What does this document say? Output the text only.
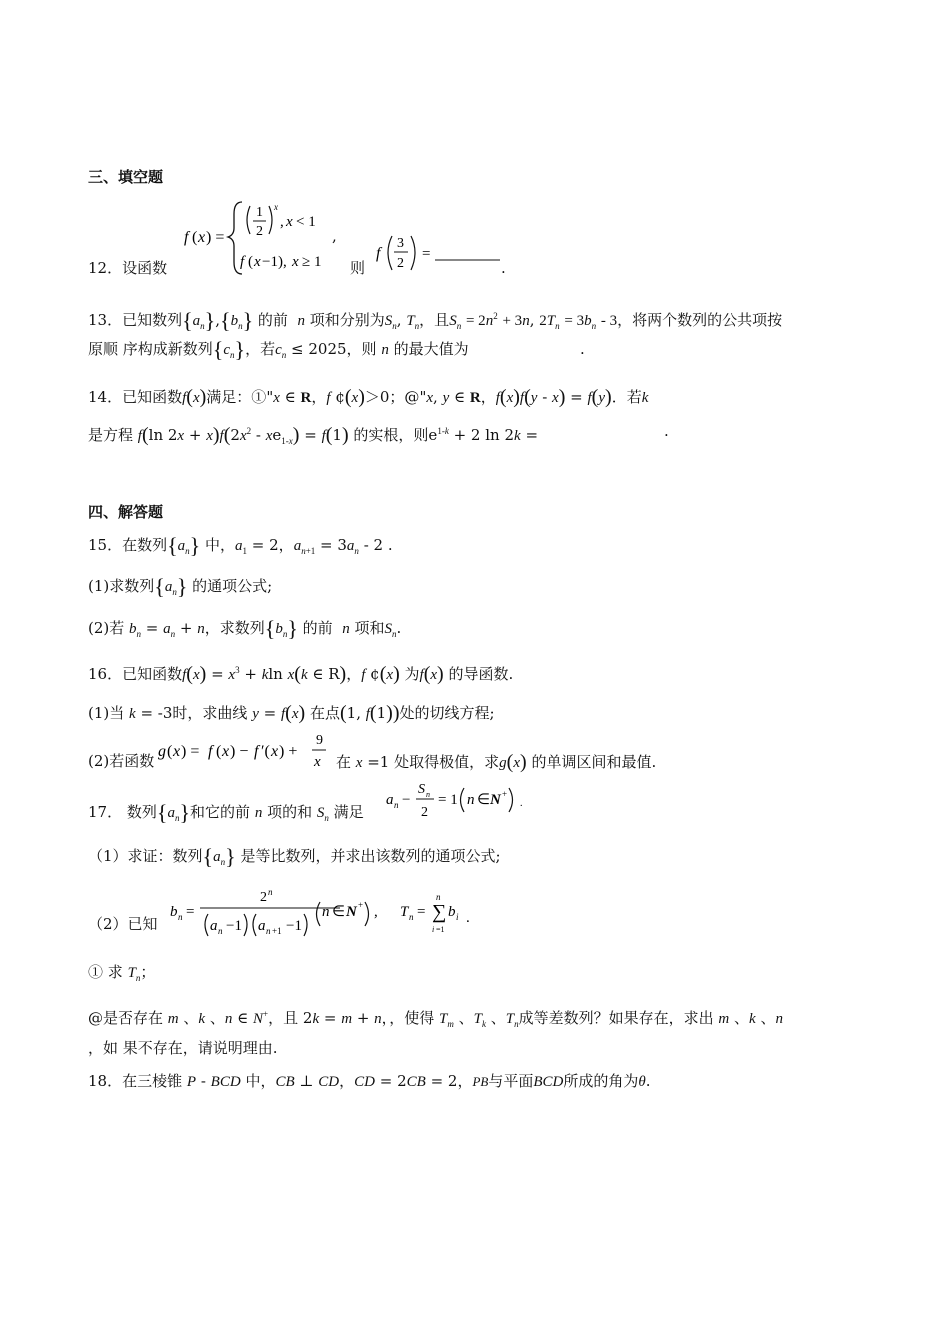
三、填空题
12．设函数
f ( x ) =
1
2
x
, x < 1
f ( x −1), x ≥ 1
,
则
f
3
2
=
.
13．已知数列$\{a_n\},\{b_n\}$ 的前 n 项和分别为$S_n$, $T_n$，且$S_n = 2n^2 + 3n$, $2T_n = 3b_n - 3$，将两个数列的公共项按
原顺 序构成新数列$\{c_n\}$，若$c_n \le 2025$，则 n 的最大值为	.
14．已知函数f(x)满足：①"x ∈ R，f ¢(x)＞0；@"x, y ∈ R，f(x)f(y - x) = f(y)．若k
是方程 f(ln $2x + x)f(2x^2 - xe_{1-x}) = f(1)$ 的实根，则$e^{1-k} + 2$ ln 2k =	.
四、解答题
15．在数列$\{a_n\}$ 中，$a_1 = 2$，$a_{n+1} = 3a_n - 2$ .
(1)求数列$\{a_n\}$ 的通项公式;
(2)若 $b_n = a_n + n$，求数列$\{b_n\}$ 的前 n 项和$S_n$.
16．已知函数$f(x) = x^3 + kln$ x(k ∈ R)，f ¢(x) 为f(x) 的导函数.
(1)当 k = -3时，求曲线 y = f(x) 在点(1, f(1))处的切线方程;
(2)若函数
g ( x ) = f ( x ) − f ′( x ) +
9
x 在 x =1 处取得极值，求g(x) 的单调区间和最值.
17． 数列$\{a_n\}$和它的前 n 项的和 $S_n$ 满足
a n −
S n
2
= 1 n ∈ N +
.
（1）求证：数列$\{a_n\}$ 是等比数列，并求出该数列的通项公式;
（2）已知
b n =
2 n
a n −1 a n +1 −1
n ∈ N + , T n = ∑
n
i =1
b i .
① 求 $T_n$；
@是否存在 m 、k 、n ∈ N+，且 2k = m + n，，使得 $T_m$ 、$T_k$ 、$T_n$成等差数列？如果存在，求出 m 、k 、n
，如 果不存在，请说明理由.
18．在三棱锥 P - BCD 中，CB ⊥ CD，CD = 2CB = 2，PB与平面BCD所成的角为θ.
